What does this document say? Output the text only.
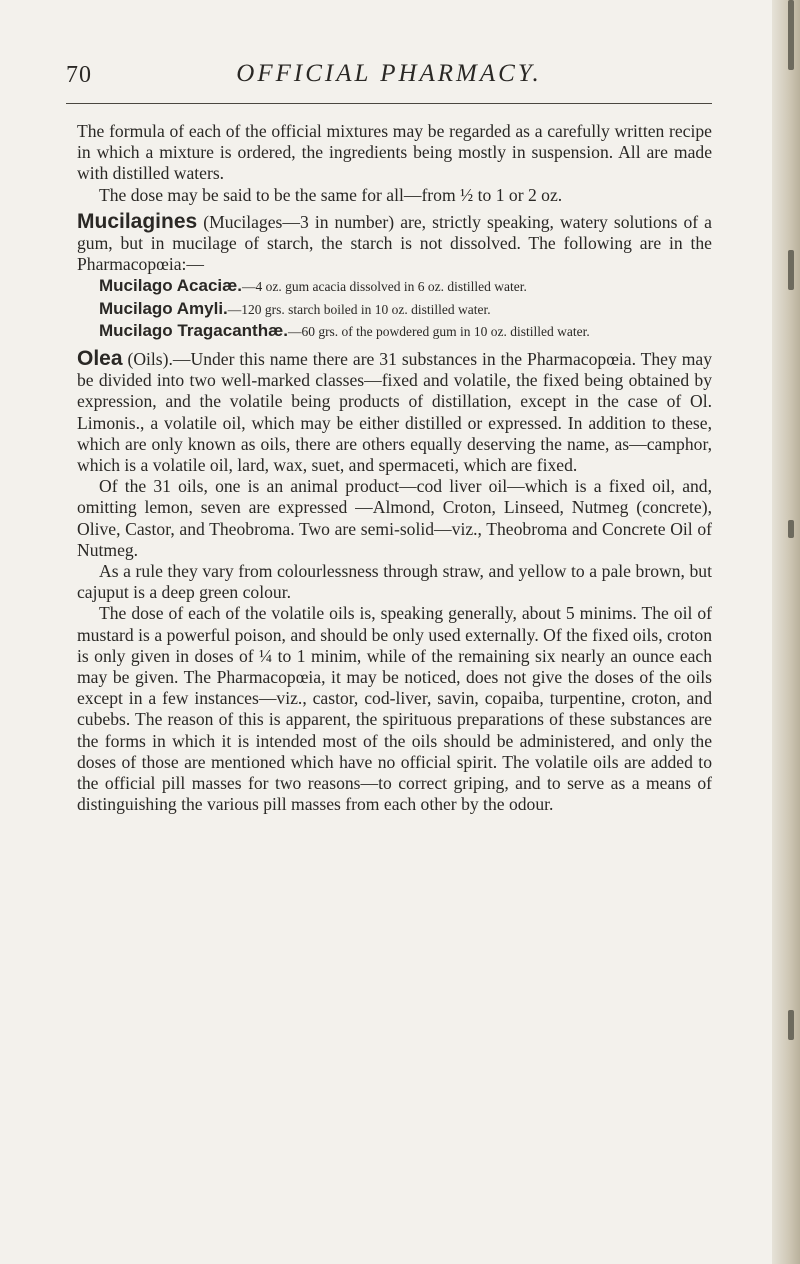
70	OFFICIAL PHARMACY.

The formula of each of the official mixtures may be regarded as a carefully written recipe in which a mixture is ordered, the ingredients being mostly in suspension. All are made with distilled waters.

The dose may be said to be the same for all—from ½ to 1 or 2 oz.

Mucilagines (Mucilages—3 in number) are, strictly speaking, watery solutions of a gum, but in mucilage of starch, the starch is not dissolved. The following are in the Pharmacopœia:—

Mucilago Acaciæ.—4 oz. gum acacia dissolved in 6 oz. distilled water.

Mucilago Amyli.—120 grs. starch boiled in 10 oz. distilled water.

Mucilago Tragacanthæ.—60 grs. of the powdered gum in 10 oz. distilled water.

Olea (Oils).—Under this name there are 31 substances in the Pharmacopœia. They may be divided into two well-marked classes—fixed and volatile, the fixed being obtained by expression, and the volatile being products of distillation, except in the case of Ol. Limonis., a volatile oil, which may be either distilled or expressed. In addition to these, which are only known as oils, there are others equally deserving the name, as—camphor, which is a volatile oil, lard, wax, suet, and spermaceti, which are fixed.

Of the 31 oils, one is an animal product—cod liver oil—which is a fixed oil, and, omitting lemon, seven are expressed —Almond, Croton, Linseed, Nutmeg (concrete), Olive, Castor, and Theobroma. Two are semi-solid—viz., Theobroma and Concrete Oil of Nutmeg.

As a rule they vary from colourlessness through straw, and yellow to a pale brown, but cajuput is a deep green colour.

The dose of each of the volatile oils is, speaking generally, about 5 minims. The oil of mustard is a powerful poison, and should be only used externally. Of the fixed oils, croton is only given in doses of ¼ to 1 minim, while of the remaining six nearly an ounce each may be given. The Pharmacopœia, it may be noticed, does not give the doses of the oils except in a few instances—viz., castor, cod-liver, savin, copaiba, turpentine, croton, and cubebs. The reason of this is apparent, the spirituous preparations of these substances are the forms in which it is intended most of the oils should be administered, and only the doses of those are mentioned which have no official spirit. The volatile oils are added to the official pill masses for two reasons—to correct griping, and to serve as a means of distinguishing the various pill masses from each other by the odour.
